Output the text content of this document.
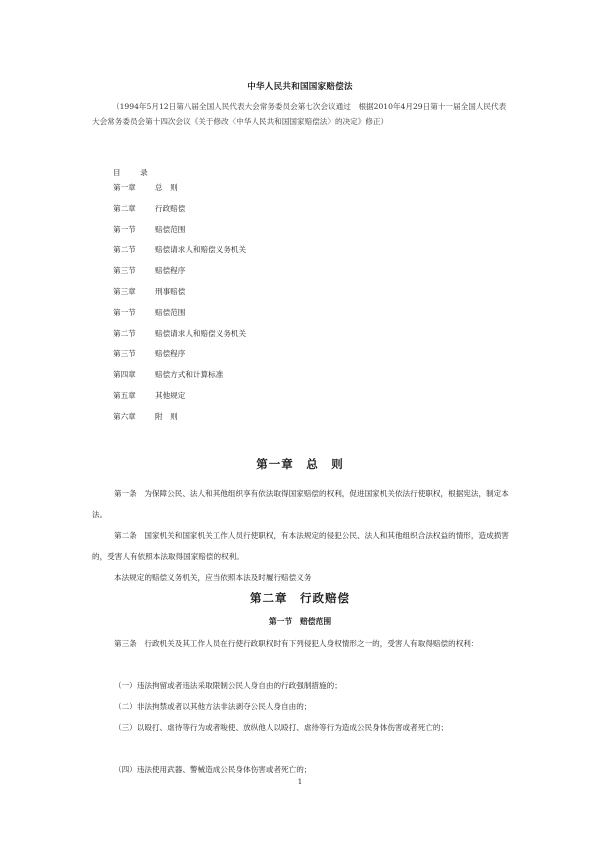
中华人民共和国国家赔偿法
（1994年5月12日第八届全国人民代表大会常务委员会第七次会议通过　根据2010年4月29日第十一届全国人民代表大会常务委员会第十四次会议《关于修改〈中华人民共和国国家赔偿法〉的决定》修正）
目　录
第一章	总　则
第二章	行政赔偿
第一节	赔偿范围
第二节	赔偿请求人和赔偿义务机关
第三节	赔偿程序
第三章	刑事赔偿
第一节	赔偿范围
第二节	赔偿请求人和赔偿义务机关
第三节	赔偿程序
第四章	赔偿方式和计算标准
第五章	其他规定
第六章	附　则
第一章　总　则
第一条　为保障公民、法人和其他组织享有依法取得国家赔偿的权利，促进国家机关依法行使职权，根据宪法，制定本法。
第二条　国家机关和国家机关工作人员行使职权，有本法规定的侵犯公民、法人和其他组织合法权益的情形，造成损害的，受害人有依照本法取得国家赔偿的权利。
本法规定的赔偿义务机关，应当依照本法及时履行赔偿义务
第二章　行政赔偿
第一节　赔偿范围
第三条　行政机关及其工作人员在行使行政职权时有下列侵犯人身权情形之一的，受害人有取得赔偿的权利：
（一）违法拘留或者违法采取限制公民人身自由的行政强制措施的；
（二）非法拘禁或者以其他方法非法剥夺公民人身自由的；
（三）以殴打、虐待等行为或者唆使、放纵他人以殴打、虐待等行为造成公民身体伤害或者死亡的；
（四）违法使用武器、警械造成公民身体伤害或者死亡的；
1
